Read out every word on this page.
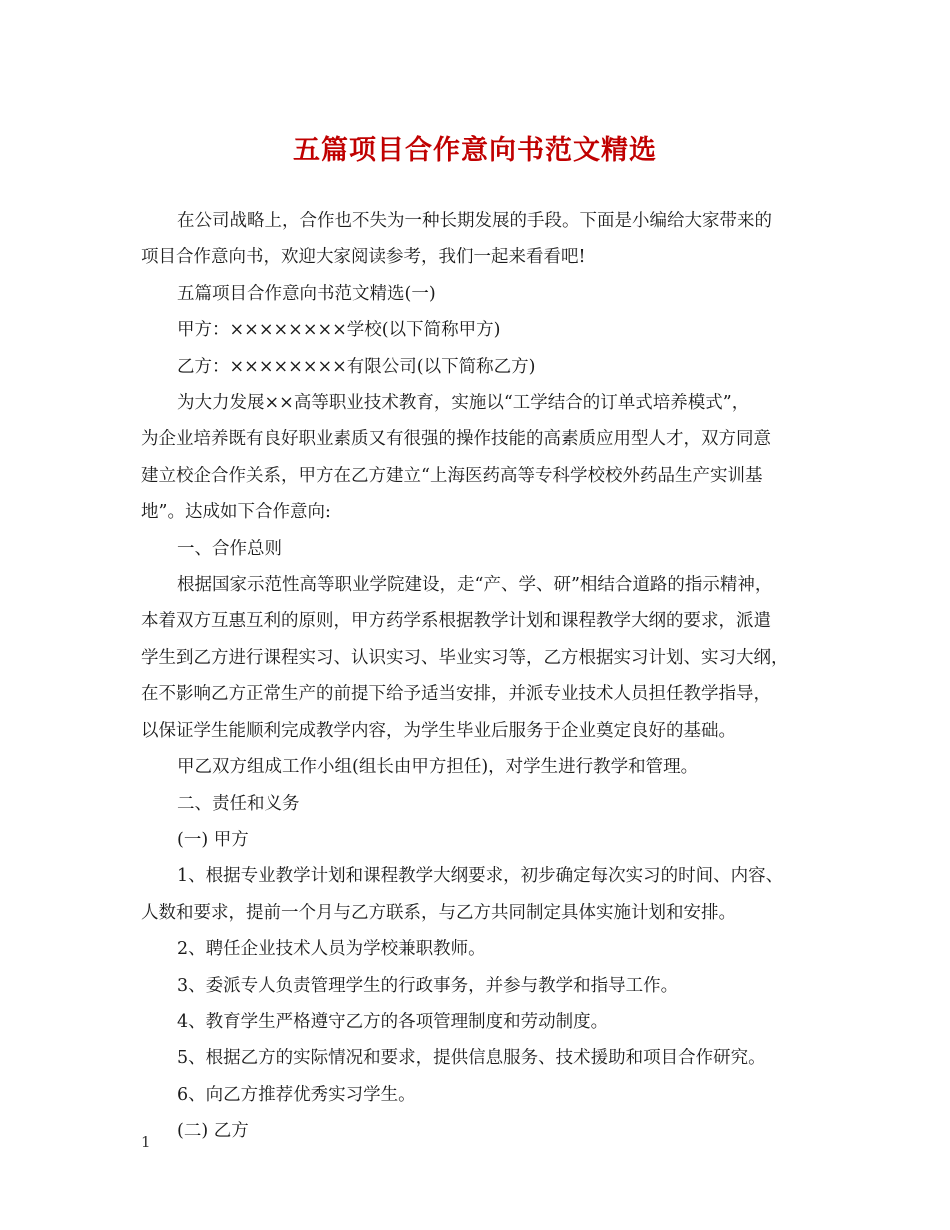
五篇项目合作意向书范文精选

在公司战略上，合作也不失为一种长期发展的手段。下面是小编给大家带来的

项目合作意向书，欢迎大家阅读参考，我们一起来看看吧!

五篇项目合作意向书范文精选(一)

甲方：××××××××学校(以下简称甲方)

乙方：××××××××有限公司(以下简称乙方)

为大力发展××高等职业技术教育，实施以“工学结合的订单式培养模式”，

为企业培养既有良好职业素质又有很强的操作技能的高素质应用型人才，双方同意

建立校企合作关系，甲方在乙方建立“上海医药高等专科学校校外药品生产实训基

地”。达成如下合作意向:

一、合作总则

根据国家示范性高等职业学院建设，走“产、学、研”相结合道路的指示精神，

本着双方互惠互利的原则，甲方药学系根据教学计划和课程教学大纲的要求，派遣

学生到乙方进行课程实习、认识实习、毕业实习等，乙方根据实习计划、实习大纲，

在不影响乙方正常生产的前提下给予适当安排，并派专业技术人员担任教学指导，

以保证学生能顺利完成教学内容，为学生毕业后服务于企业奠定良好的基础。

甲乙双方组成工作小组(组长由甲方担任)，对学生进行教学和管理。

二、责任和义务

(一) 甲方

1、根据专业教学计划和课程教学大纲要求，初步确定每次实习的时间、内容、

人数和要求，提前一个月与乙方联系，与乙方共同制定具体实施计划和安排。

2、聘任企业技术人员为学校兼职教师。

3、委派专人负责管理学生的行政事务，并参与教学和指导工作。

4、教育学生严格遵守乙方的各项管理制度和劳动制度。

5、根据乙方的实际情况和要求，提供信息服务、技术援助和项目合作研究。

6、向乙方推荐优秀实习学生。

(二) 乙方

1
